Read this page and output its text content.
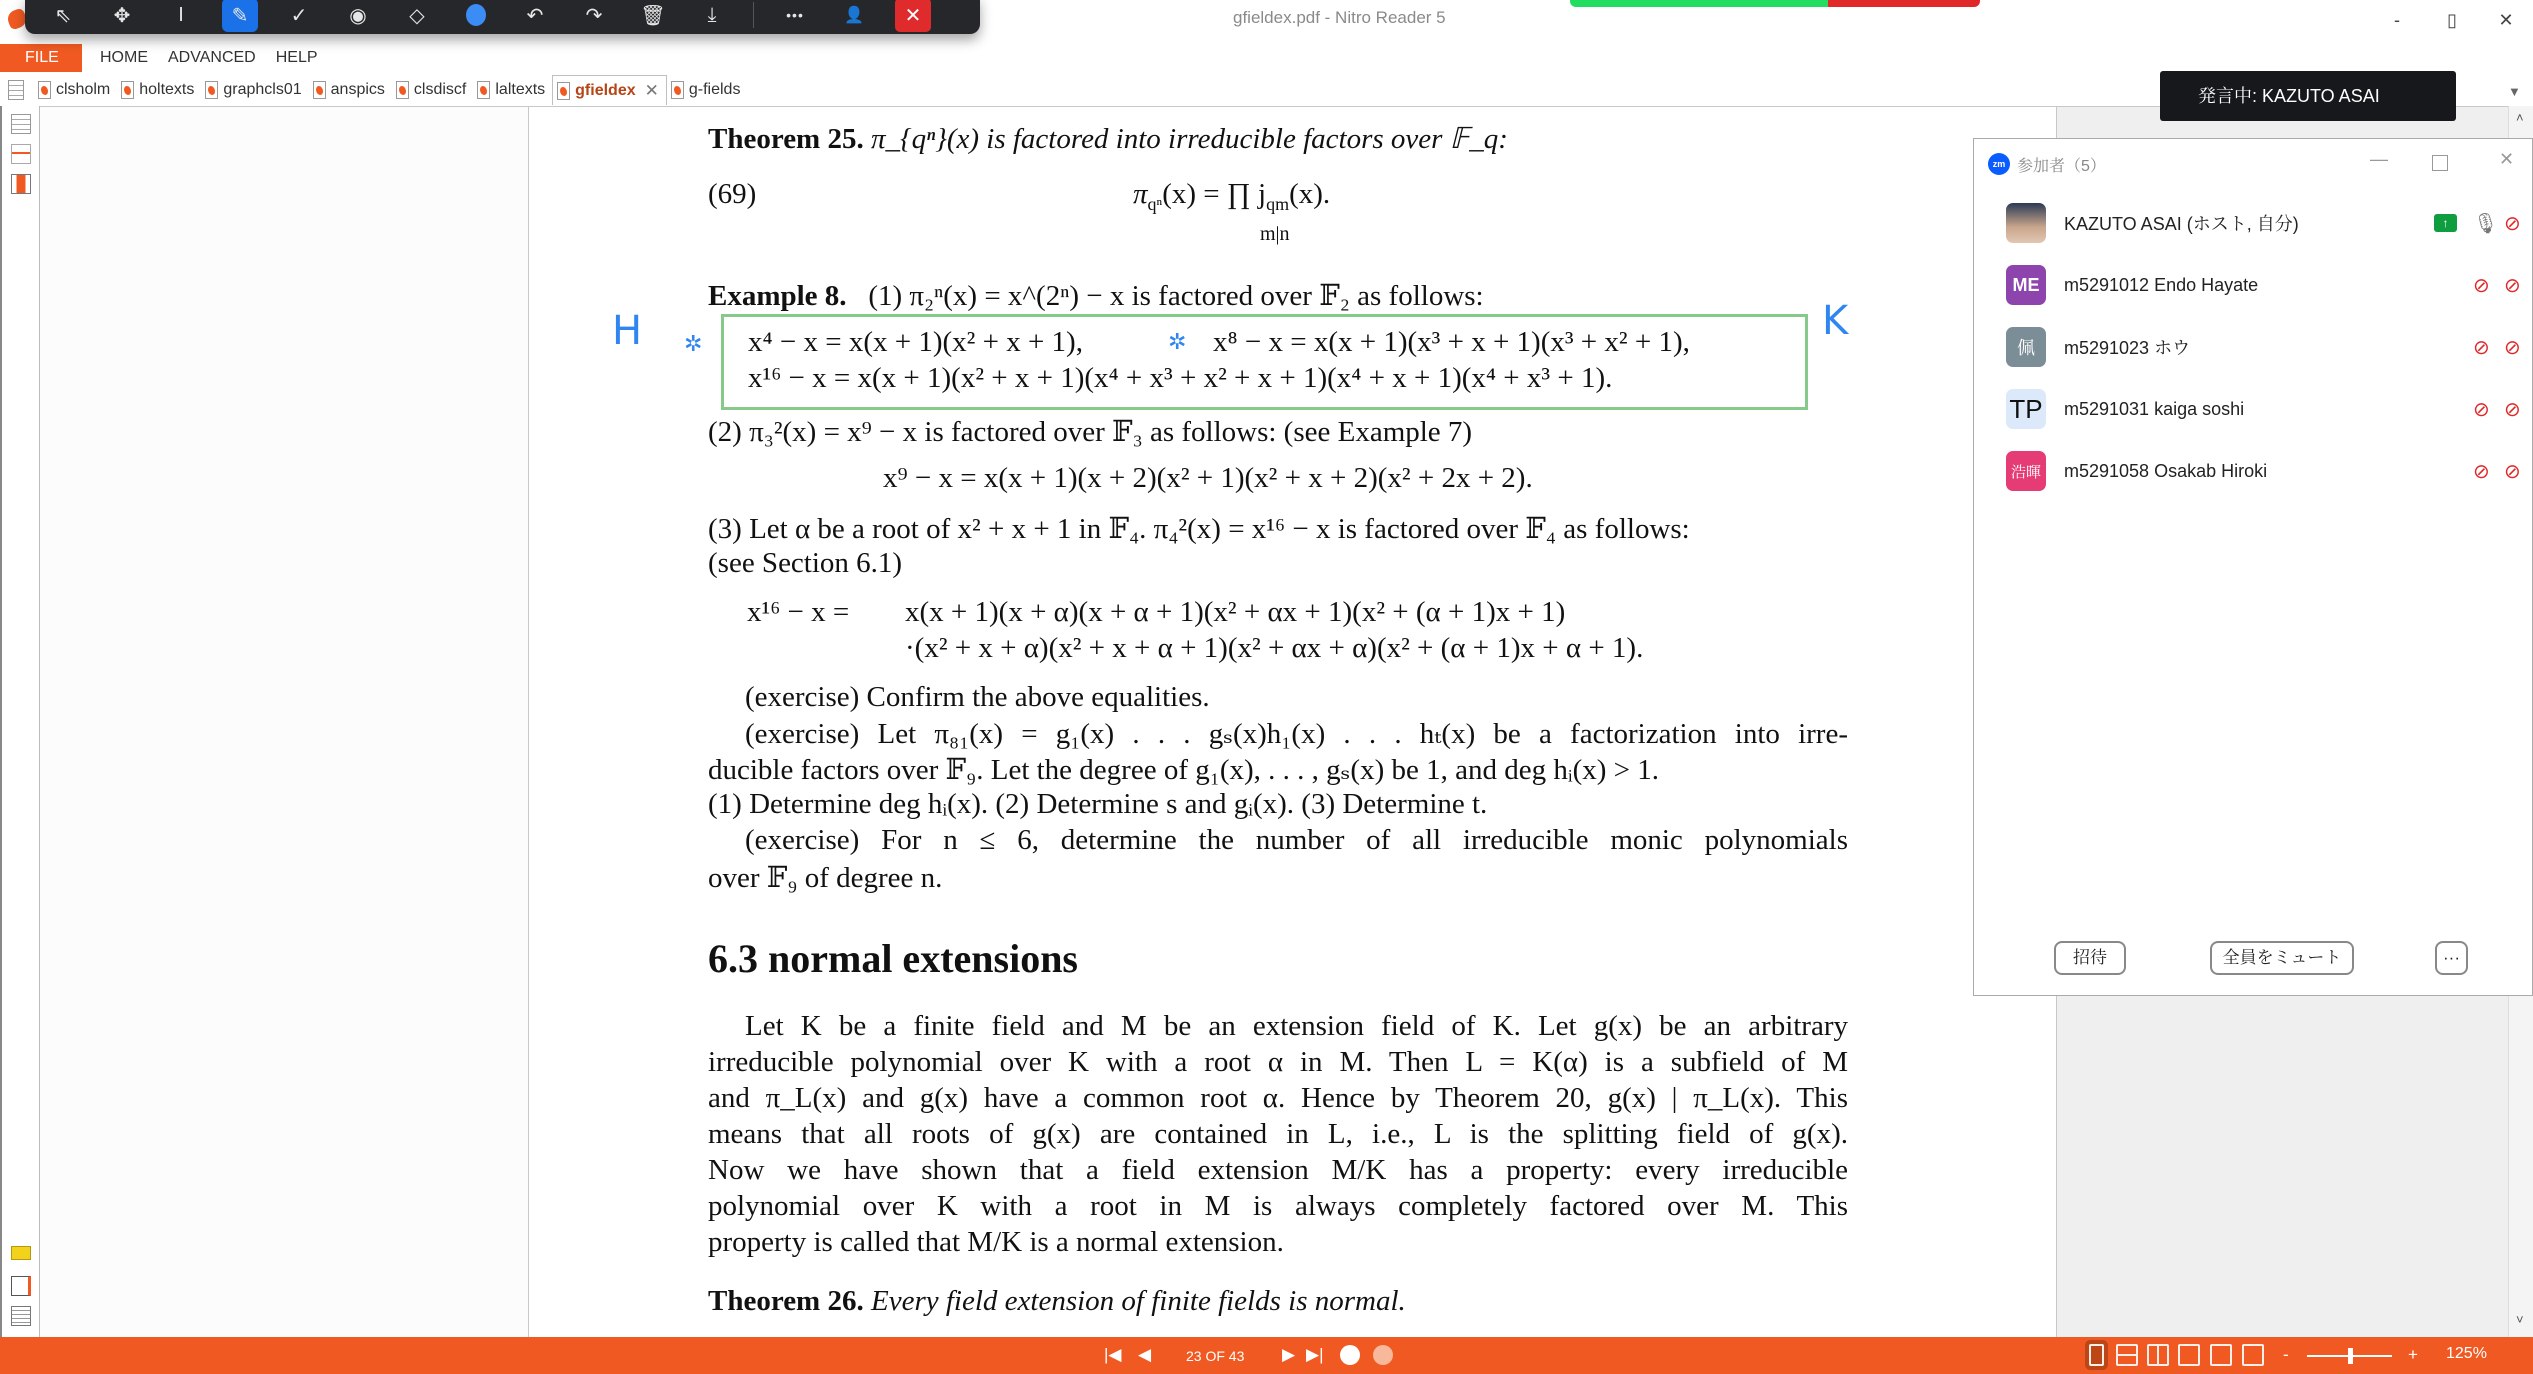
gfieldex.pdf - Nitro Reader 5	‐	▯	✕
⇖	✥	I	✎	✓	◉	◇	↶	↷	🗑	⤓	•••	👤	✕
FILE	HOME ADVANCED HELP
clsholm holtexts graphcls01 anspics clsdiscf laltexts gfieldex ✕ g-fields	発言中: KAZUTO ASAI	▼
Theorem 25. π_{qⁿ}(x) is factored into irreducible factors over 𝔽_q:
(69)	$\pi_{q^n}(x)$ = ∏ $j_{qm}(x)$.
m|n
Example 8. (1) π₂ⁿ(x) = x^(2ⁿ) − x is factored over 𝔽₂ as follows:
x⁴ − x = x(x + 1)(x² + x + 1),	x⁸ − x = x(x + 1)(x³ + x + 1)(x³ + x² + 1),
x¹⁶ − x = x(x + 1)(x² + x + 1)(x⁴ + x³ + x² + x + 1)(x⁴ + x + 1)(x⁴ + x³ + 1).
H ✲	✲	K
(2) π₃²(x) = x⁹ − x is factored over 𝔽₃ as follows: (see Example 7)
x⁹ − x = x(x + 1)(x + 2)(x² + 1)(x² + x + 2)(x² + 2x + 2).
(3) Let α be a root of x² + x + 1 in 𝔽₄. π₄²(x) = x¹⁶ − x is factored over 𝔽₄ as follows:
(see Section 6.1)
x¹⁶ − x = x(x + 1)(x + α)(x + α + 1)(x² + αx + 1)(x² + (α + 1)x + 1)
·(x² + x + α)(x² + x + α + 1)(x² + αx + α)(x² + (α + 1)x + α + 1).
(exercise) Confirm the above equalities.
(exercise) Let π₈₁(x) = g₁(x) . . . gₛ(x)h₁(x) . . . hₜ(x) be a factorization into irre-
ducible factors over 𝔽₉. Let the degree of g₁(x), . . . , gₛ(x) be 1, and deg hᵢ(x) > 1.
(1) Determine deg hᵢ(x). (2) Determine s and gᵢ(x). (3) Determine t.
(exercise) For n ≤ 6, determine the number of all irreducible monic polynomials
over 𝔽₉ of degree n.
6.3 normal extensions
Let K be a finite field and M be an extension field of K. Let g(x) be an arbitrary
irreducible polynomial over K with a root α in M. Then L = K(α) is a subfield of M
and π_L(x) and g(x) have a common root α. Hence by Theorem 20, g(x) | π_L(x). This
means that all roots of g(x) are contained in L, i.e., L is the splitting field of g(x).
Now we have shown that a field extension M/K has a property: every irreducible
polynomial over K with a root in M is always completely factored over M. This
property is called that M/K is a normal extension.
Theorem 26. Every field extension of finite fields is normal.
˄
˅
zm 参加者（5）	—	✕
KAZUTO ASAI (ホスト, 自分)	↑	🎙 ⊘
ME	m5291012 Endo Hayate	⊘ ⊘
佩	m5291023 ホウ	⊘ ⊘
TP m5291031 kaiga soshi	⊘ ⊘
浩暉 m5291058 Osakab Hiroki	⊘ ⊘
招待	全員をミュート	···
|◀ ◀ 23 OF 43 ▶ ▶|	-	+ 125%
